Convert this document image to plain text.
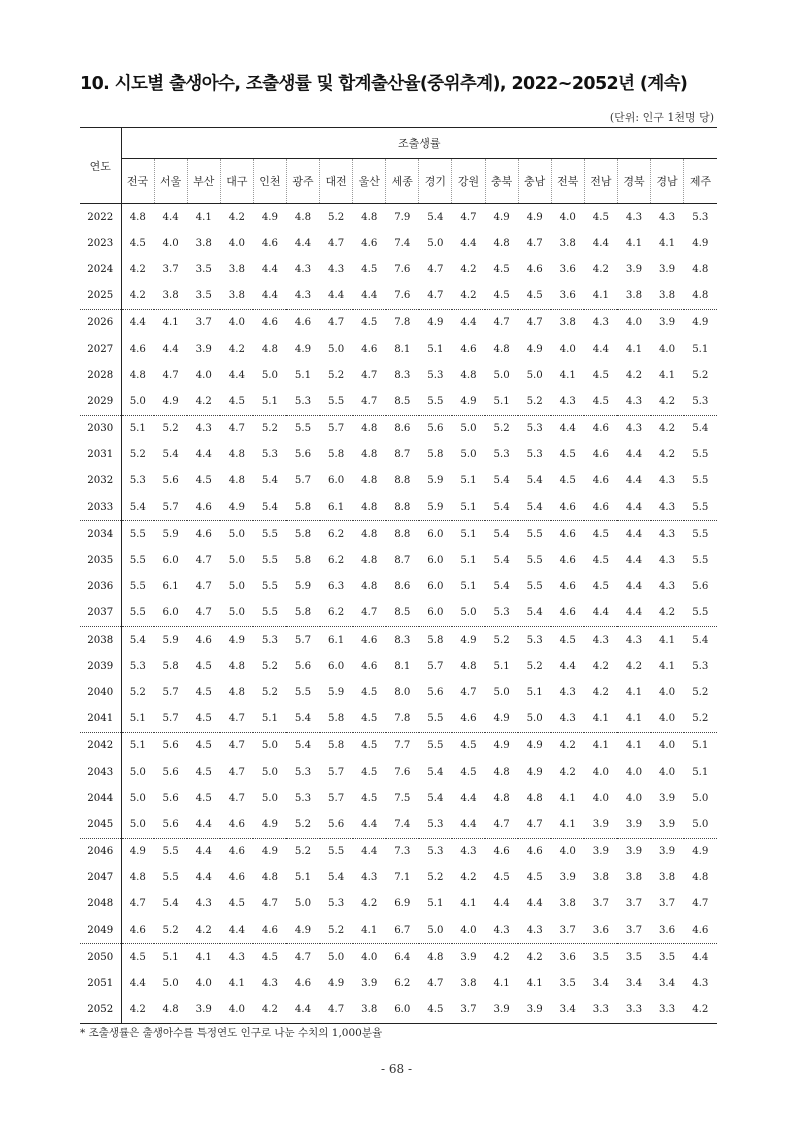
10. 시도별 출생아수, 조출생률 및 합계출산율(중위추계), 2022~2052년 (계속)
(단위: 인구 1천명 당)
연도	조출생률																	
	전국	서울	부산	대구	인천	광주	대전	울산	세종	경기	강원	충북	충남	전북	전남	경북	경남	제주
2022	4.8	4.4	4.1	4.2	4.9	4.8	5.2	4.8	7.9	5.4	4.7	4.9	4.9	4.0	4.5	4.3	4.3	5.3
2023	4.5	4.0	3.8	4.0	4.6	4.4	4.7	4.6	7.4	5.0	4.4	4.8	4.7	3.8	4.4	4.1	4.1	4.9
2024	4.2	3.7	3.5	3.8	4.4	4.3	4.3	4.5	7.6	4.7	4.2	4.5	4.6	3.6	4.2	3.9	3.9	4.8
2025	4.2	3.8	3.5	3.8	4.4	4.3	4.4	4.4	7.6	4.7	4.2	4.5	4.5	3.6	4.1	3.8	3.8	4.8
2026	4.4	4.1	3.7	4.0	4.6	4.6	4.7	4.5	7.8	4.9	4.4	4.7	4.7	3.8	4.3	4.0	3.9	4.9
2027	4.6	4.4	3.9	4.2	4.8	4.9	5.0	4.6	8.1	5.1	4.6	4.8	4.9	4.0	4.4	4.1	4.0	5.1
2028	4.8	4.7	4.0	4.4	5.0	5.1	5.2	4.7	8.3	5.3	4.8	5.0	5.0	4.1	4.5	4.2	4.1	5.2
2029	5.0	4.9	4.2	4.5	5.1	5.3	5.5	4.7	8.5	5.5	4.9	5.1	5.2	4.3	4.5	4.3	4.2	5.3
2030	5.1	5.2	4.3	4.7	5.2	5.5	5.7	4.8	8.6	5.6	5.0	5.2	5.3	4.4	4.6	4.3	4.2	5.4
2031	5.2	5.4	4.4	4.8	5.3	5.6	5.8	4.8	8.7	5.8	5.0	5.3	5.3	4.5	4.6	4.4	4.2	5.5
2032	5.3	5.6	4.5	4.8	5.4	5.7	6.0	4.8	8.8	5.9	5.1	5.4	5.4	4.5	4.6	4.4	4.3	5.5
2033	5.4	5.7	4.6	4.9	5.4	5.8	6.1	4.8	8.8	5.9	5.1	5.4	5.4	4.6	4.6	4.4	4.3	5.5
2034	5.5	5.9	4.6	5.0	5.5	5.8	6.2	4.8	8.8	6.0	5.1	5.4	5.5	4.6	4.5	4.4	4.3	5.5
2035	5.5	6.0	4.7	5.0	5.5	5.8	6.2	4.8	8.7	6.0	5.1	5.4	5.5	4.6	4.5	4.4	4.3	5.5
2036	5.5	6.1	4.7	5.0	5.5	5.9	6.3	4.8	8.6	6.0	5.1	5.4	5.5	4.6	4.5	4.4	4.3	5.6
2037	5.5	6.0	4.7	5.0	5.5	5.8	6.2	4.7	8.5	6.0	5.0	5.3	5.4	4.6	4.4	4.4	4.2	5.5
2038	5.4	5.9	4.6	4.9	5.3	5.7	6.1	4.6	8.3	5.8	4.9	5.2	5.3	4.5	4.3	4.3	4.1	5.4
2039	5.3	5.8	4.5	4.8	5.2	5.6	6.0	4.6	8.1	5.7	4.8	5.1	5.2	4.4	4.2	4.2	4.1	5.3
2040	5.2	5.7	4.5	4.8	5.2	5.5	5.9	4.5	8.0	5.6	4.7	5.0	5.1	4.3	4.2	4.1	4.0	5.2
2041	5.1	5.7	4.5	4.7	5.1	5.4	5.8	4.5	7.8	5.5	4.6	4.9	5.0	4.3	4.1	4.1	4.0	5.2
2042	5.1	5.6	4.5	4.7	5.0	5.4	5.8	4.5	7.7	5.5	4.5	4.9	4.9	4.2	4.1	4.1	4.0	5.1
2043	5.0	5.6	4.5	4.7	5.0	5.3	5.7	4.5	7.6	5.4	4.5	4.8	4.9	4.2	4.0	4.0	4.0	5.1
2044	5.0	5.6	4.5	4.7	5.0	5.3	5.7	4.5	7.5	5.4	4.4	4.8	4.8	4.1	4.0	4.0	3.9	5.0
2045	5.0	5.6	4.4	4.6	4.9	5.2	5.6	4.4	7.4	5.3	4.4	4.7	4.7	4.1	3.9	3.9	3.9	5.0
2046	4.9	5.5	4.4	4.6	4.9	5.2	5.5	4.4	7.3	5.3	4.3	4.6	4.6	4.0	3.9	3.9	3.9	4.9
2047	4.8	5.5	4.4	4.6	4.8	5.1	5.4	4.3	7.1	5.2	4.2	4.5	4.5	3.9	3.8	3.8	3.8	4.8
2048	4.7	5.4	4.3	4.5	4.7	5.0	5.3	4.2	6.9	5.1	4.1	4.4	4.4	3.8	3.7	3.7	3.7	4.7
2049	4.6	5.2	4.2	4.4	4.6	4.9	5.2	4.1	6.7	5.0	4.0	4.3	4.3	3.7	3.6	3.7	3.6	4.6
2050	4.5	5.1	4.1	4.3	4.5	4.7	5.0	4.0	6.4	4.8	3.9	4.2	4.2	3.6	3.5	3.5	3.5	4.4
2051	4.4	5.0	4.0	4.1	4.3	4.6	4.9	3.9	6.2	4.7	3.8	4.1	4.1	3.5	3.4	3.4	3.4	4.3
2052	4.2	4.8	3.9	4.0	4.2	4.4	4.7	3.8	6.0	4.5	3.7	3.9	3.9	3.4	3.3	3.3	3.3	4.2
* 조출생률은 출생아수를 특정연도 인구로 나눈 수치의 1,000분율
- 68 -
